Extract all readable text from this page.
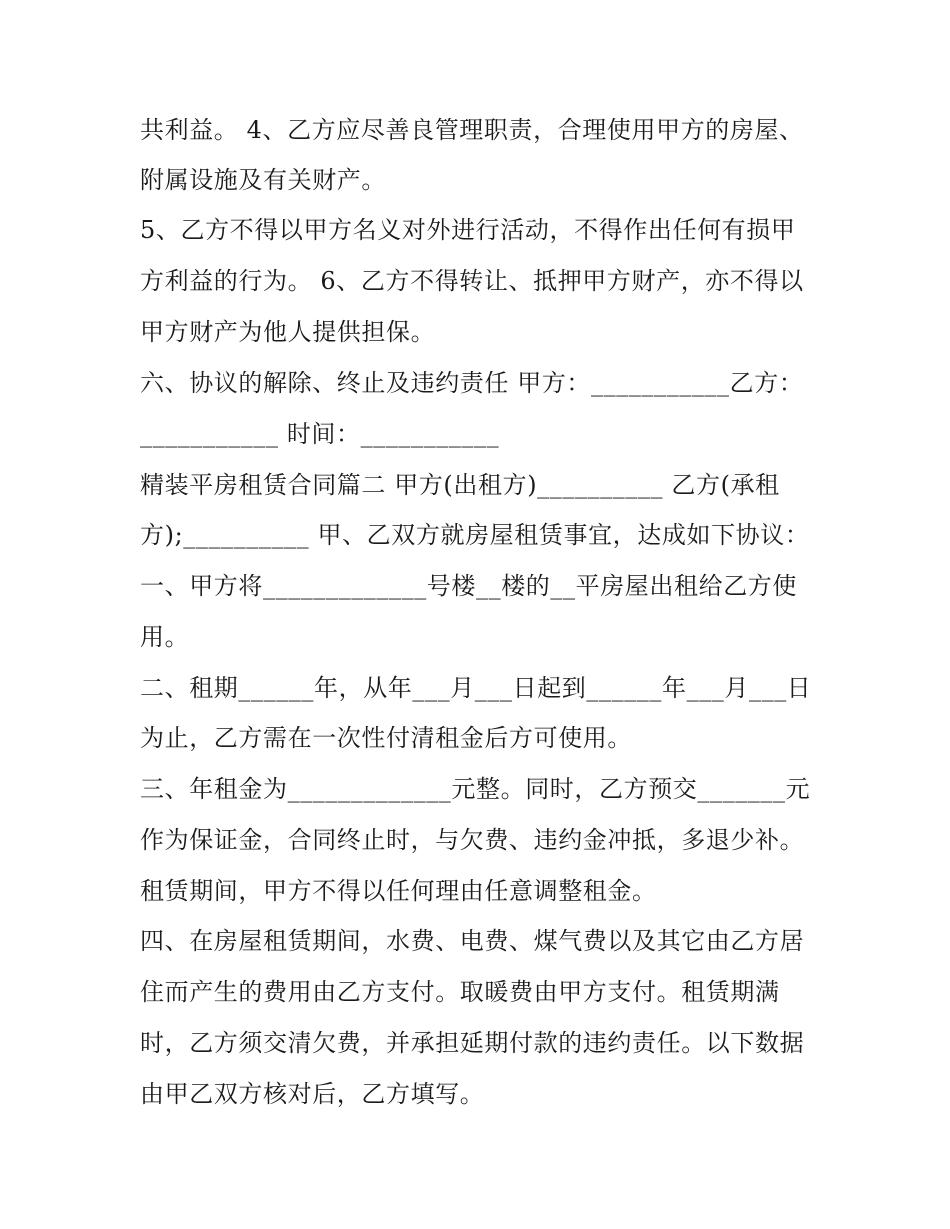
共利益。 4、乙方应尽善良管理职责，合理使用甲方的房屋、
附属设施及有关财产。
5、乙方不得以甲方名义对外进行活动，不得作出任何有损甲
方利益的行为。 6、乙方不得转让、抵押甲方财产，亦不得以
甲方财产为他人提供担保。
六、协议的解除、终止及违约责任 甲方：___________乙方：
___________ 时间：___________
精装平房租赁合同篇二 甲方(出租方)__________ 乙方(承租
方);__________ 甲、乙双方就房屋租赁事宜，达成如下协议：
一、甲方将_____________号楼__楼的__平房屋出租给乙方使
用。
二、租期______年，从年___月___日起到______年___月___日
为止，乙方需在一次性付清租金后方可使用。
三、年租金为_____________元整。同时，乙方预交_______元
作为保证金，合同终止时，与欠费、违约金冲抵，多退少补。
租赁期间，甲方不得以任何理由任意调整租金。
四、在房屋租赁期间，水费、电费、煤气费以及其它由乙方居
住而产生的费用由乙方支付。取暖费由甲方支付。租赁期满
时，乙方须交清欠费，并承担延期付款的违约责任。以下数据
由甲乙双方核对后，乙方填写。
